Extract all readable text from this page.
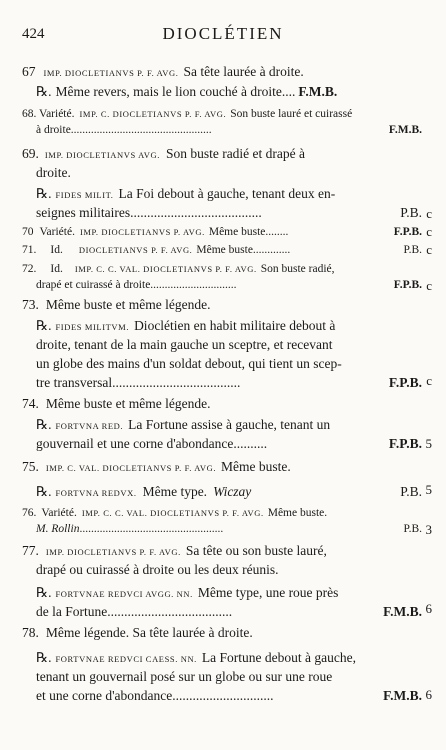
424	DIOCLÉTIEN
67 IMP. DIOCLETIANVS P. F. AVG. Sa tête laurée à droite.
℞. Même revers, mais le lion couché à droite.... F.M.B.
68. Variété. IMP. C. DIOCLETIANVS P. F. AVG. Son buste lauré et cuirassé
à droite.................................................	F.M.B.
69. IMP. DIOCLETIANVS AVG. Son buste radié et drapé à
droite.
℞. FIDES MILIT. La Foi debout à gauche, tenant deux en-
seignes militaires.......................................	P.B. c
70 Variété. IMP. DIOCLETIANVS P. AVG. Même buste........	F.P.B. c
71. Id. DIOCLETIANVS P. F. AVG. Même buste.............	P.B. c
72. Id. IMP. C. C. VAL. DIOCLETIANVS P. F. AVG. Son buste radié,
drapé et cuirassé à droite..............................	F.P.B. c
73. Même buste et même légende.
℞. FIDES MILITVM. Dioclétien en habit militaire debout à
droite, tenant de la main gauche un sceptre, et recevant
un globe des mains d'un soldat debout, qui tient un scep-
tre transversal......................................	F.P.B. c
74. Même buste et même légende.
℞. FORTVNA RED. La Fortune assise à gauche, tenant un
gouvernail et une corne d'abondance..........	F.P.B. 5
75. IMP. C. VAL. DIOCLETIANVS P. F. AVG. Même buste.
℞. FORTVNA REDVX. Même type. Wiczay	P.B. 5
76. Variété. IMP. C. C. VAL. DIOCLETIANVS P. F. AVG. Même buste.
M. Rollin ..................................................	P.B. 3
77. IMP. DIOCLETIANVS P. F. AVG. Sa tête ou son buste lauré,
drapé ou cuirassé à droite ou les deux réunis.
℞. FORTVNAE REDVCI AVGG. NN. Même type, une roue près
de la Fortune.....................................	F.M.B. 6
78. Même légende. Sa tête laurée à droite.
℞. FORTVNAE REDVCI CAESS. NN. La Fortune debout à gauche,
tenant un gouvernail posé sur un globe ou sur une roue
et une corne d'abondance..............................	F.M.B. 6
